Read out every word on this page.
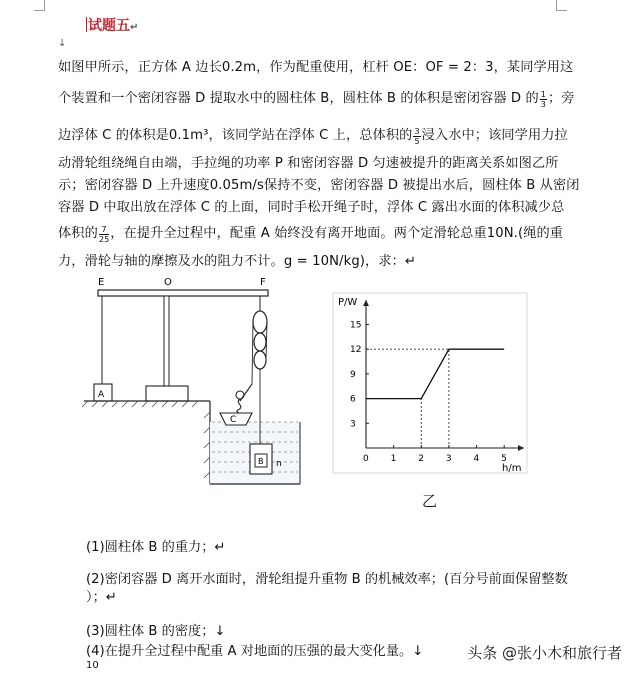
试题五↵
↓
如图甲所示，正方体 A 边长0.2m，作为配重使用，杠杆 OE：OF = 2：3，某同学用这
个装置和一个密闭容器 D 提取水中的圆柱体 B，圆柱体 B 的体积是密闭容器 D 的 $\frac{1}{3}$ ；旁
边浮体 C 的体积是0.1m³，该同学站在浮体 C 上，总体积的 $\frac{3}{5}$ 浸入水中；该同学用力拉
动滑轮组绕绳自由端，手拉绳的功率 P 和密闭容器 D 匀速被提升的距离关系如图乙所
示；密闭容器 D 上升速度0.05m/s保持不变，密闭容器 D 被提出水后，圆柱体 B 从密闭
容器 D 中取出放在浮体 C 的上面，同时手松开绳子时，浮体 C 露出水面的体积减少总
体积的 $\frac{7}{25}$ ，在提升全过程中，配重 A 始终没有离开地面。两个定滑轮总重10N.(绳的重
力，滑轮与轴的摩擦及水的阻力不计。g = 10N/kg)，求：↵
E	O	F
A
C
B n	0 1 2 3 4 5
3
6
9
12
15
P/W
h/m
乙
(1)圆柱体 B 的重力；↵
(2)密闭容器 D 离开水面时，滑轮组提升重物 B 的机械效率；(百分号前面保留整数
）；↵
(3)圆柱体 B 的密度；↓
(4)在提升全过程中配重 A 对地面的压强的最大变化量。↓
10
头条 @张小木和旅行者
